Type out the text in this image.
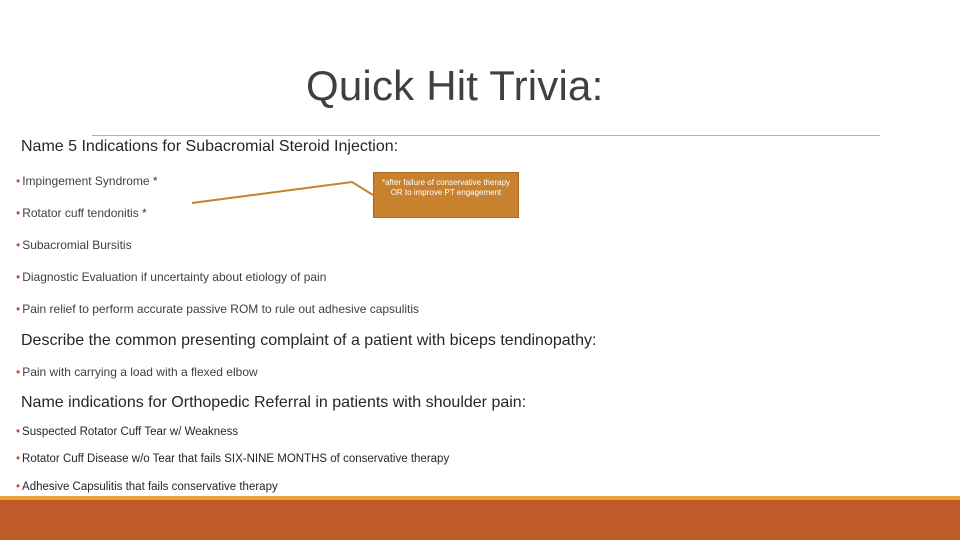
Quick Hit Trivia:
Name 5 Indications for Subacromial Steroid Injection:
• Impingement Syndrome *
• Rotator cuff tendonitis *
• Subacromial Bursitis
• Diagnostic Evaluation if uncertainty about etiology of pain
• Pain relief to perform accurate passive ROM to rule out adhesive capsulitis
*after failure of conservative therapy OR to improve PT engagement
Describe the common presenting complaint of a patient with biceps tendinopathy:
• Pain with carrying a load with a flexed elbow
Name indications for Orthopedic Referral in patients with shoulder pain:
• Suspected Rotator Cuff Tear w/ Weakness
• Rotator Cuff Disease w/o Tear that fails SIX-NINE MONTHS of conservative therapy
• Adhesive Capsulitis that fails conservative therapy
